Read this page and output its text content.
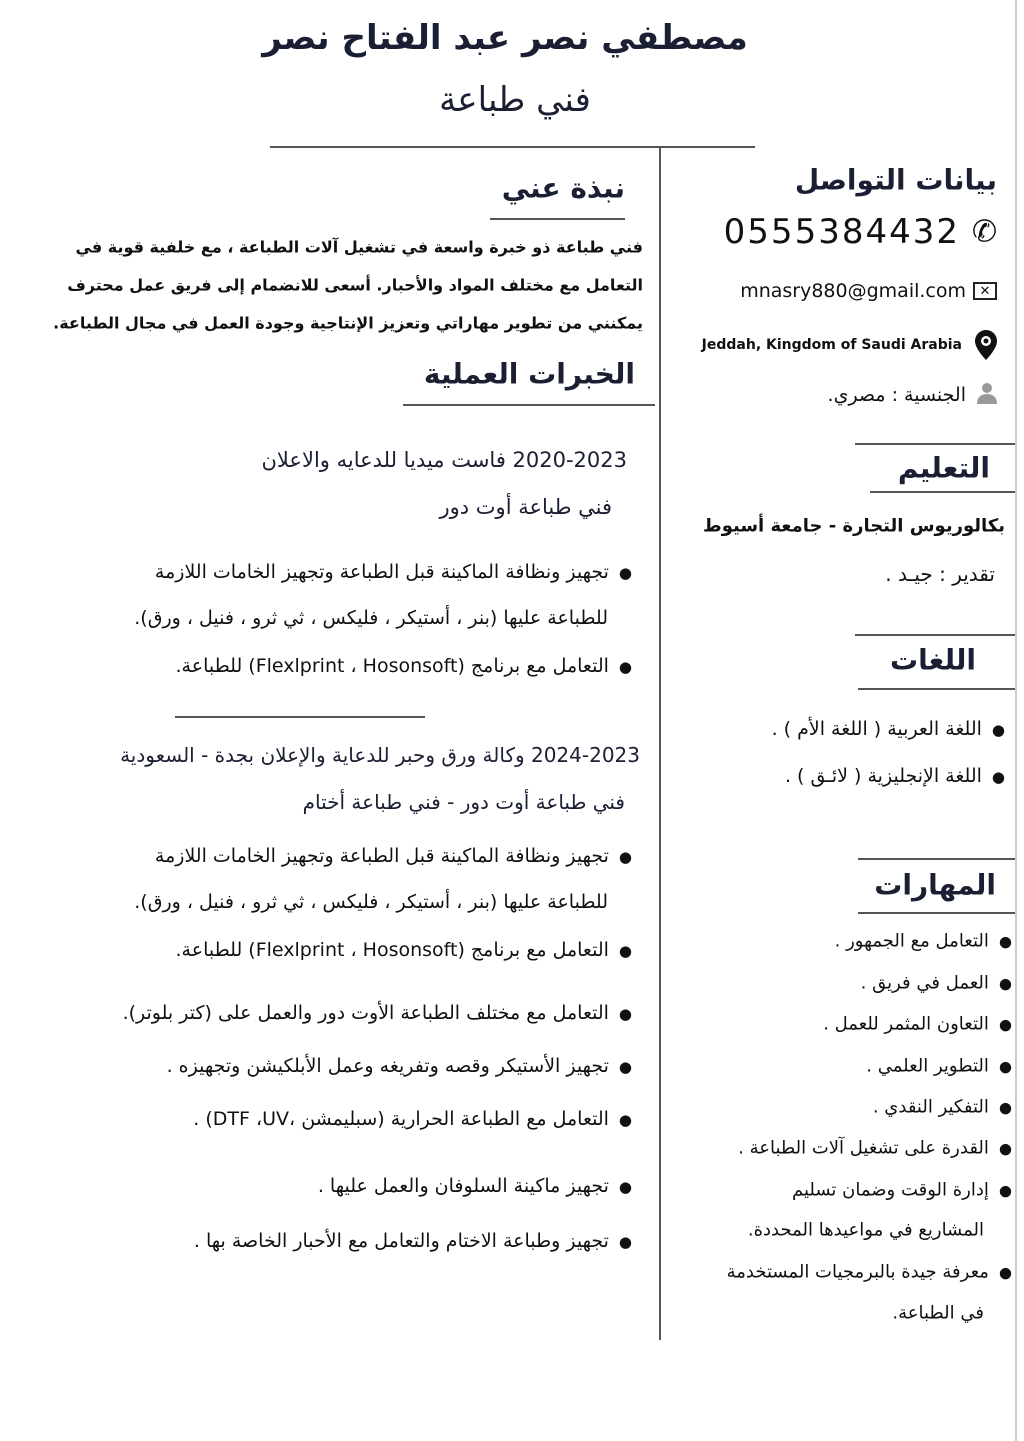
مصطفي نصر عبد الفتاح نصر
فني طباعة
بيانات التواصل
✆
0555384432
✕
mnasry880@gmail.com
Jeddah, Kingdom of Saudi Arabia
الجنسية : مصري.
التعليم
بكالوريوس التجارة - جامعة أسيوط
تقدير : جيـد .
اللغات
● اللغة العربية ( اللغة الأم ) .
● اللغة الإنجليزية ( لائـق ) .
المهارات
● التعامل مع الجمهور .
● العمل في فريق .
● التعاون المثمر للعمل .
● التطوير العلمي .
● التفكير النقدي .
● القدرة على تشغيل آلات الطباعة .
● إدارة الوقت وضمان تسليم
المشاريع في مواعيدها المحددة.
● معرفة جيدة بالبرمجيات المستخدمة
في الطباعة.
نبذة عني
فني طباعة ذو خبرة واسعة في تشغيل آلات الطباعة ، مع خلفية قوية في
التعامل مع مختلف المواد والأحبار. أسعى للانضمام إلى فريق عمل محترف
يمكنني من تطوير مهاراتي وتعزيز الإنتاجية وجودة العمل في مجال الطباعة.
الخبرات العملية
2020-2023 فاست ميديا للدعايه والاعلان
فني طباعة أوت دور
● تجهيز ونظافة الماكينة قبل الطباعة وتجهيز الخامات اللازمة
للطباعة عليها (بنر ، أستيكر ، فليكس ، ثي ثرو ، فنيل ، ورق).
● التعامل مع برنامج (Flexlprint ، Hosonsoft) للطباعة.
2024-2023 وكالة ورق وحبر للدعاية والإعلان بجدة - السعودية
فني طباعة أوت دور - فني طباعة أختام
● تجهيز ونظافة الماكينة قبل الطباعة وتجهيز الخامات اللازمة
للطباعة عليها (بنر ، أستيكر ، فليكس ، ثي ثرو ، فنيل ، ورق).
● التعامل مع برنامج (Flexlprint ، Hosonsoft) للطباعة.
● التعامل مع مختلف الطباعة الأوت دور والعمل على (كتر بلوتر).
● تجهيز الأستيكر وقصه وتفريغه وعمل الأبلكيشن وتجهيزه .
● التعامل مع الطباعة الحرارية (سبليمشن ،DTF ،UV) .
● تجهيز ماكينة السلوفان والعمل عليها .
● تجهيز وطباعة الاختام والتعامل مع الأحبار الخاصة بها .
